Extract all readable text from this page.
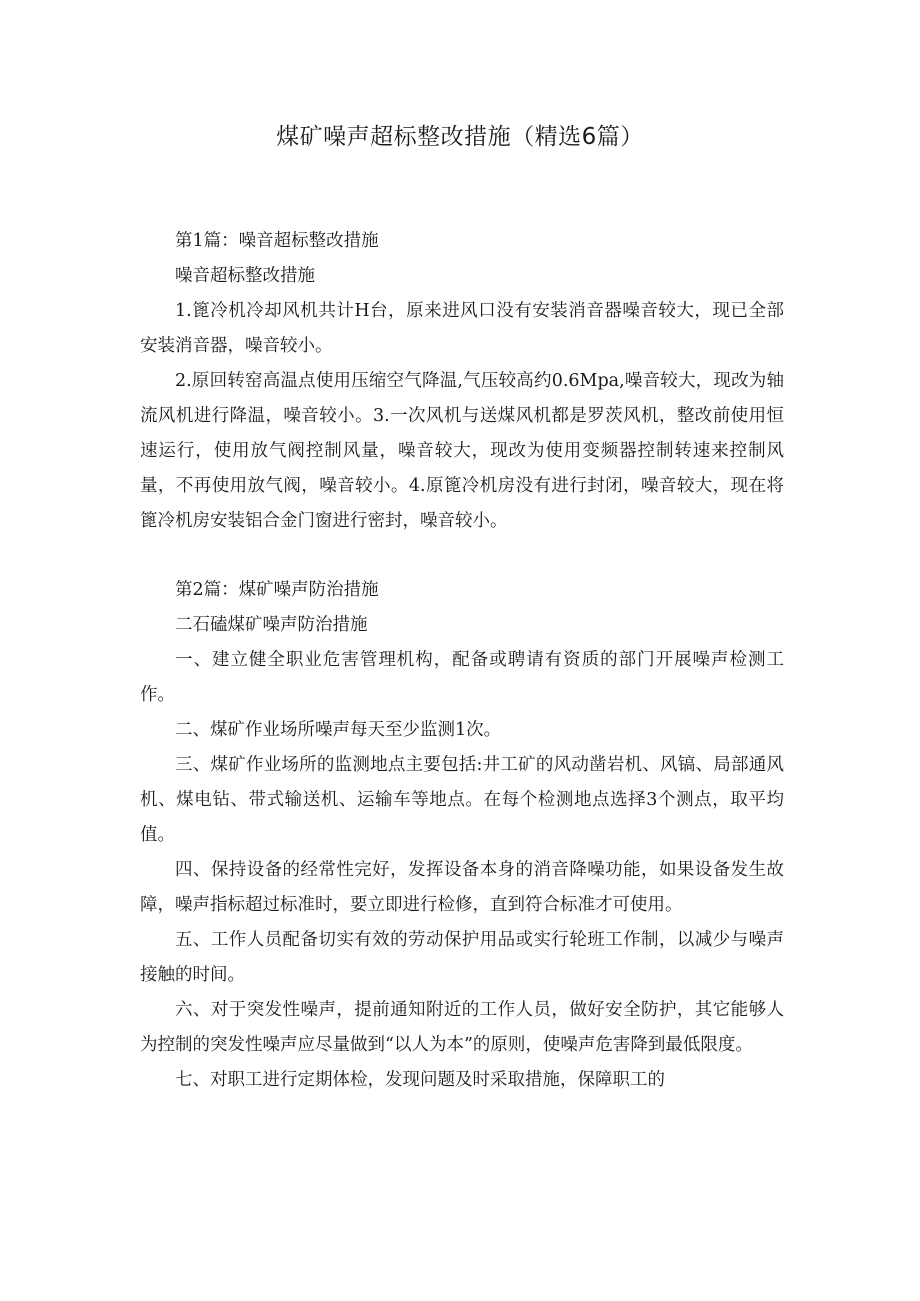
煤矿噪声超标整改措施（精选6篇）

第1篇：噪音超标整改措施

噪音超标整改措施

1.篦冷机冷却风机共计H台，原来进风口没有安装消音器噪音较大，现已全部安装消音器，噪音较小。

2.原回转窑高温点使用压缩空气降温,气压较高约0.6Mpa,噪音较大，现改为轴流风机进行降温，噪音较小。3.一次风机与送煤风机都是罗茨风机，整改前使用恒速运行，使用放气阀控制风量，噪音较大，现改为使用变频器控制转速来控制风量，不再使用放气阀，噪音较小。4.原篦冷机房没有进行封闭，噪音较大，现在将篦冷机房安装铝合金门窗进行密封，噪音较小。

第2篇：煤矿噪声防治措施

二石磕煤矿噪声防治措施

一、建立健全职业危害管理机构，配备或聘请有资质的部门开展噪声检测工作。

二、煤矿作业场所噪声每天至少监测1次。

三、煤矿作业场所的监测地点主要包括:井工矿的风动凿岩机、风镐、局部通风机、煤电钻、带式输送机、运输车等地点。在每个检测地点选择3个测点，取平均值。

四、保持设备的经常性完好，发挥设备本身的消音降噪功能，如果设备发生故障，噪声指标超过标准时，要立即进行检修，直到符合标准才可使用。

五、工作人员配备切实有效的劳动保护用品或实行轮班工作制，以减少与噪声接触的时间。

六、对于突发性噪声，提前通知附近的工作人员，做好安全防护，其它能够人为控制的突发性噪声应尽量做到“以人为本”的原则，使噪声危害降到最低限度。

七、对职工进行定期体检，发现问题及时采取措施，保障职工的
